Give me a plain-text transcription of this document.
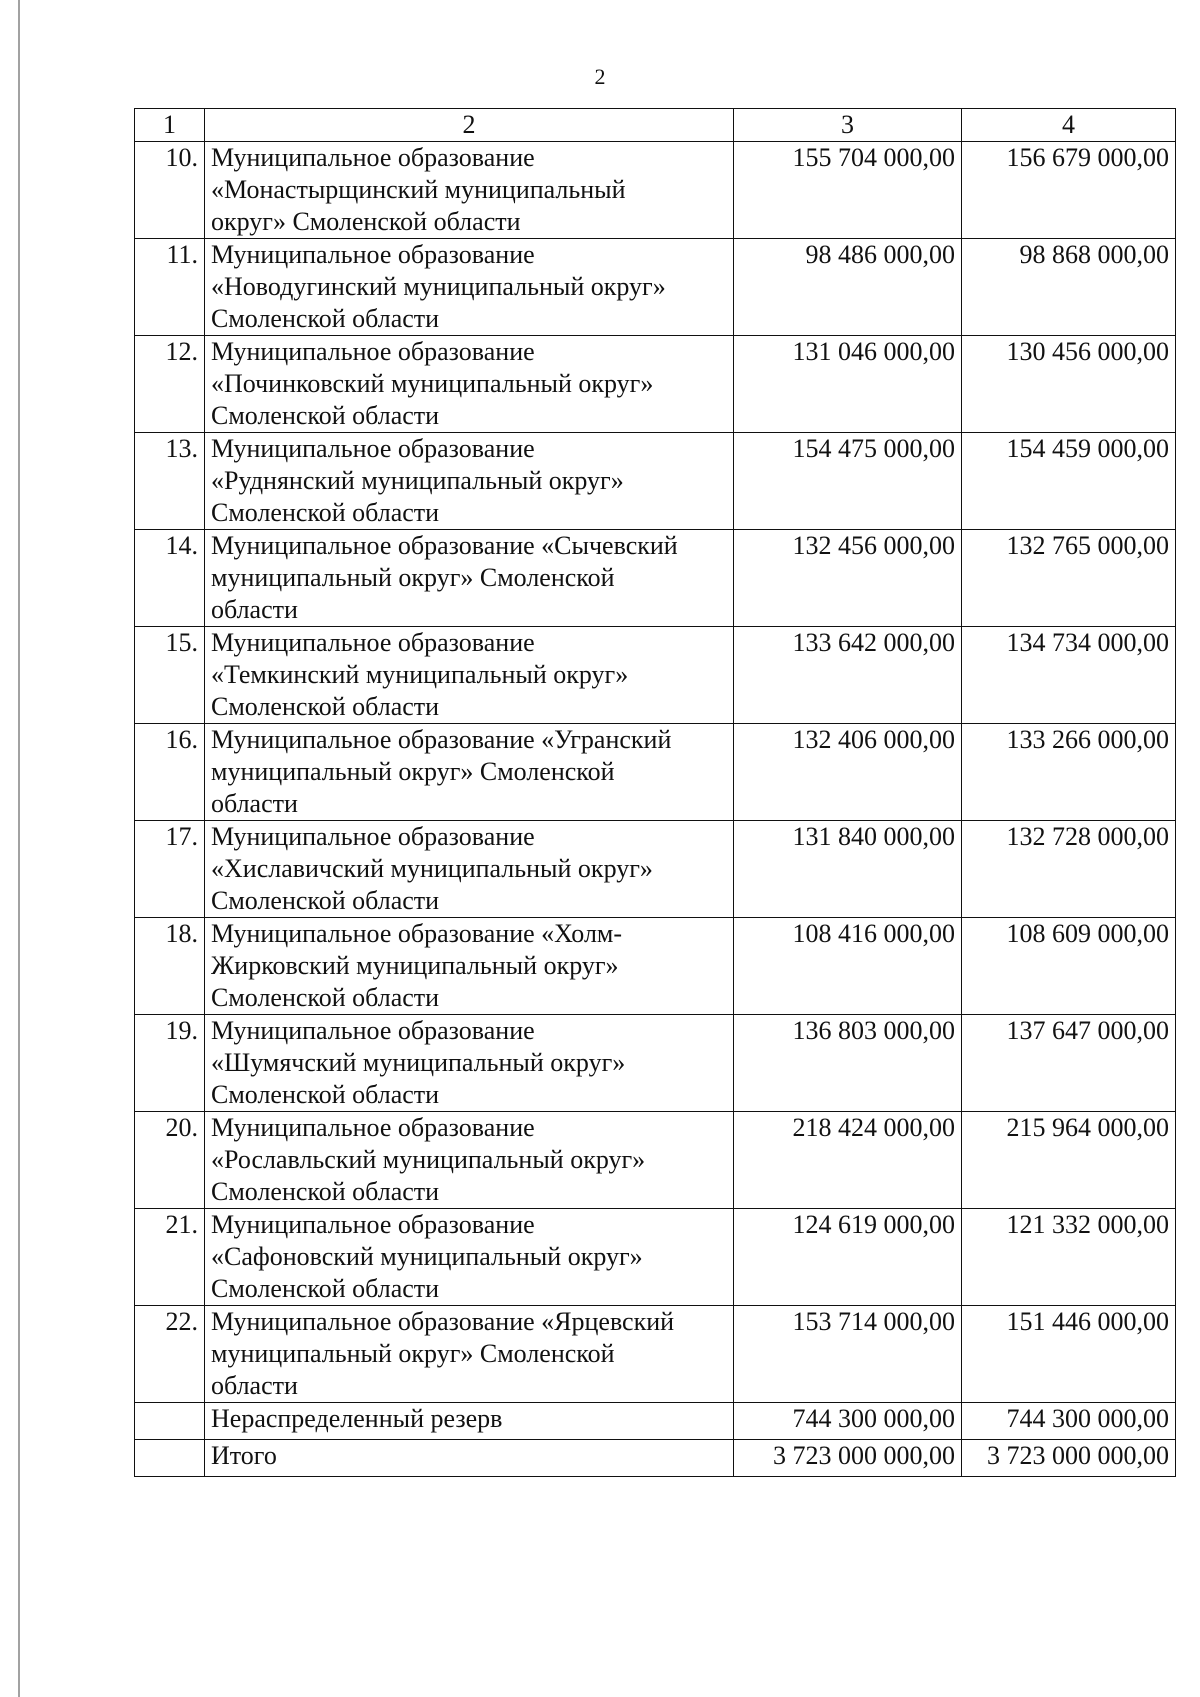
2
1	2	3	4
10.	Муниципальное образование
«Монастырщинский муниципальный
округ» Смоленской области	155 704 000,00	156 679 000,00
11.	Муниципальное образование
«Новодугинский муниципальный округ»
Смоленской области	98 486 000,00	98 868 000,00
12.	Муниципальное образование
«Починковский муниципальный округ»
Смоленской области	131 046 000,00	130 456 000,00
13.	Муниципальное образование
«Руднянский муниципальный округ»
Смоленской области	154 475 000,00	154 459 000,00
14.	Муниципальное образование «Сычевский
муниципальный округ» Смоленской
области	132 456 000,00	132 765 000,00
15.	Муниципальное образование
«Темкинский муниципальный округ»
Смоленской области	133 642 000,00	134 734 000,00
16.	Муниципальное образование «Угранский
муниципальный округ» Смоленской
области	132 406 000,00	133 266 000,00
17.	Муниципальное образование
«Хиславичский муниципальный округ»
Смоленской области	131 840 000,00	132 728 000,00
18.	Муниципальное образование «Холм-
Жирковский муниципальный округ»
Смоленской области	108 416 000,00	108 609 000,00
19.	Муниципальное образование
«Шумячский муниципальный округ»
Смоленской области	136 803 000,00	137 647 000,00
20.	Муниципальное образование
«Рославльский муниципальный округ»
Смоленской области	218 424 000,00	215 964 000,00
21.	Муниципальное образование
«Сафоновский муниципальный округ»
Смоленской области	124 619 000,00	121 332 000,00
22.	Муниципальное образование «Ярцевский
муниципальный округ» Смоленской
области	153 714 000,00	151 446 000,00
	Нераспределенный резерв	744 300 000,00	744 300 000,00
	Итого	3 723 000 000,00	3 723 000 000,00
